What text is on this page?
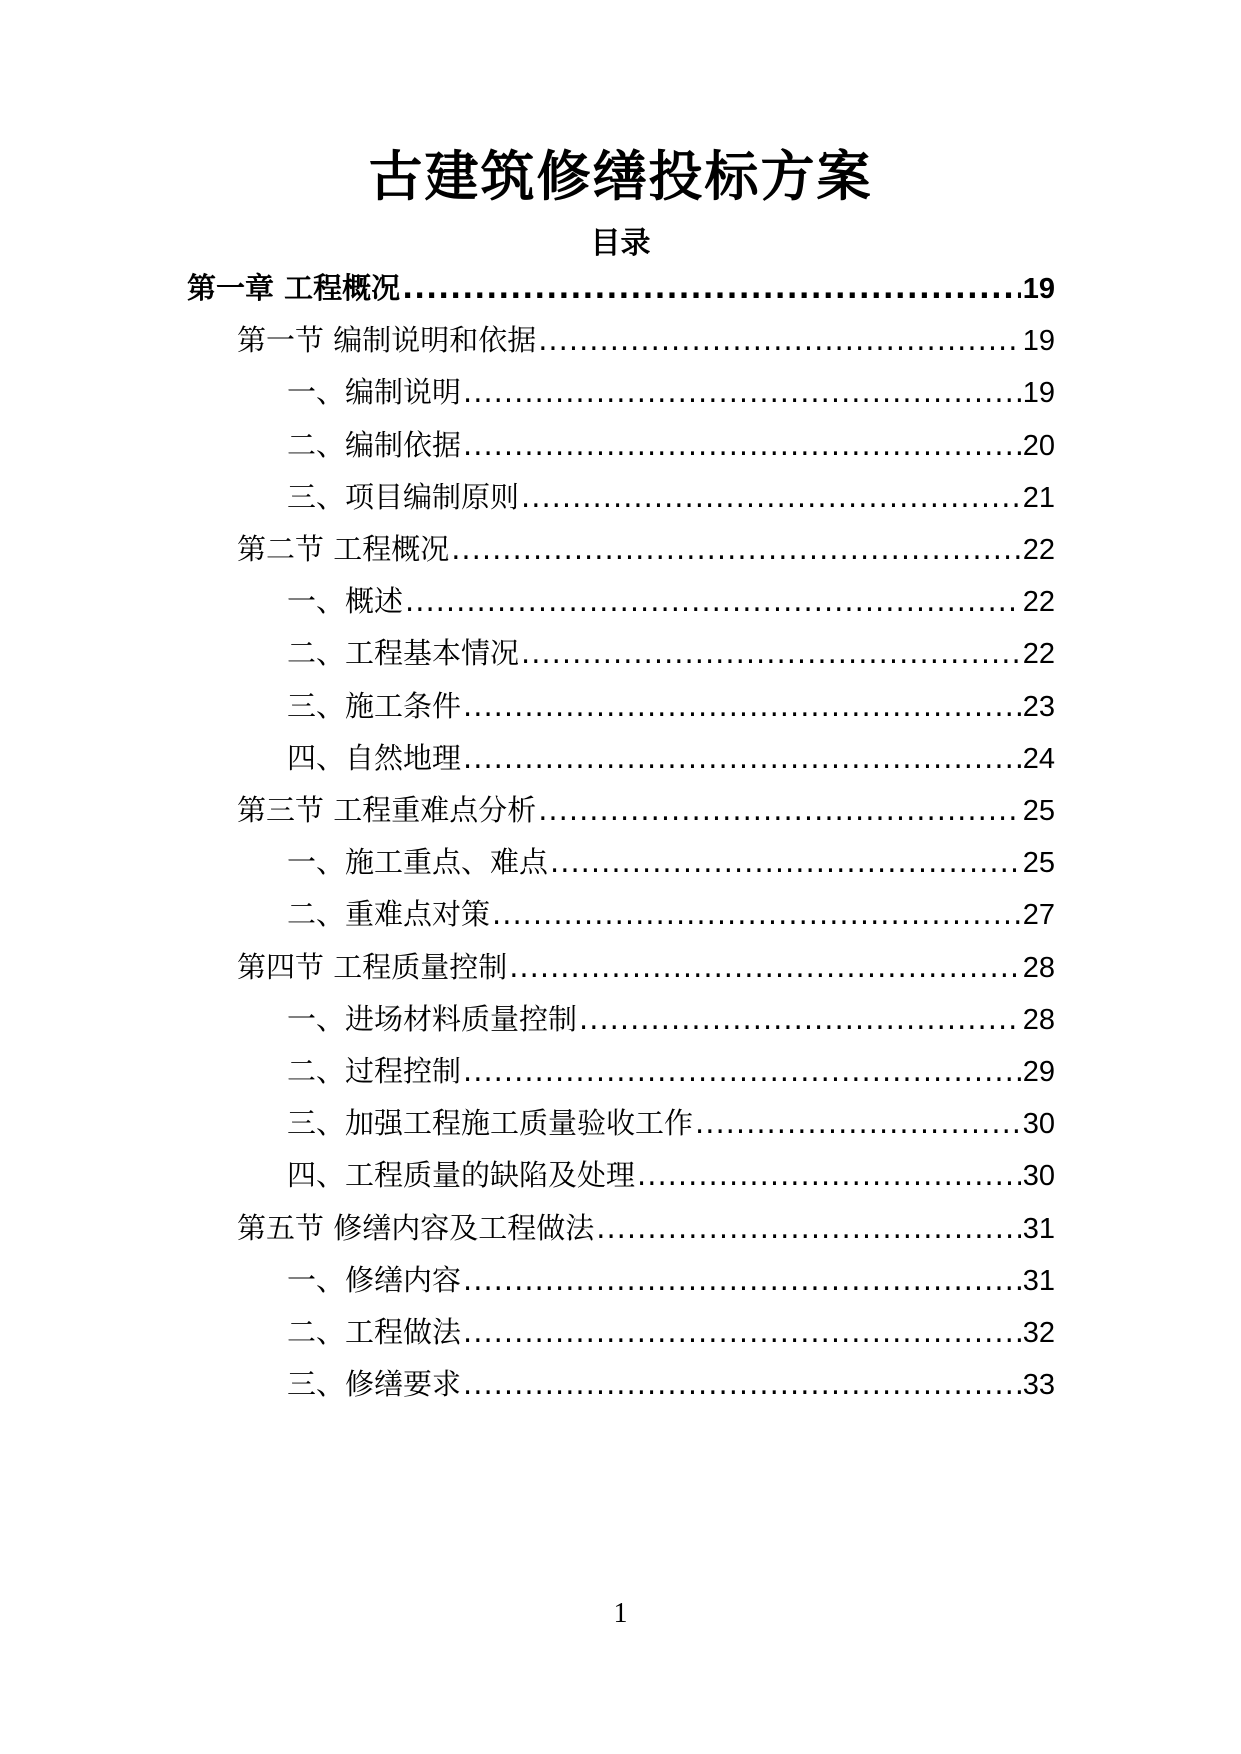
古建筑修缮投标方案
目录
第一章 工程概况 .....	19
第一节 编制说明和依据 .....	19
一、编制说明 .....	19
二、编制依据 .....	20
三、项目编制原则 .....	21
第二节 工程概况 .....	22
一、概述 .....	22
二、工程基本情况 .....	22
三、施工条件 .....	23
四、自然地理 .....	24
第三节 工程重难点分析 .....	25
一、施工重点、难点 .....	25
二、重难点对策 .....	27
第四节 工程质量控制 .....	28
一、进场材料质量控制 .....	28
二、过程控制 .....	29
三、加强工程施工质量验收工作 .....	30
四、工程质量的缺陷及处理 .....	30
第五节 修缮内容及工程做法 .....	31
一、修缮内容 .....	31
二、工程做法 .....	32
三、修缮要求 .....	33
1
